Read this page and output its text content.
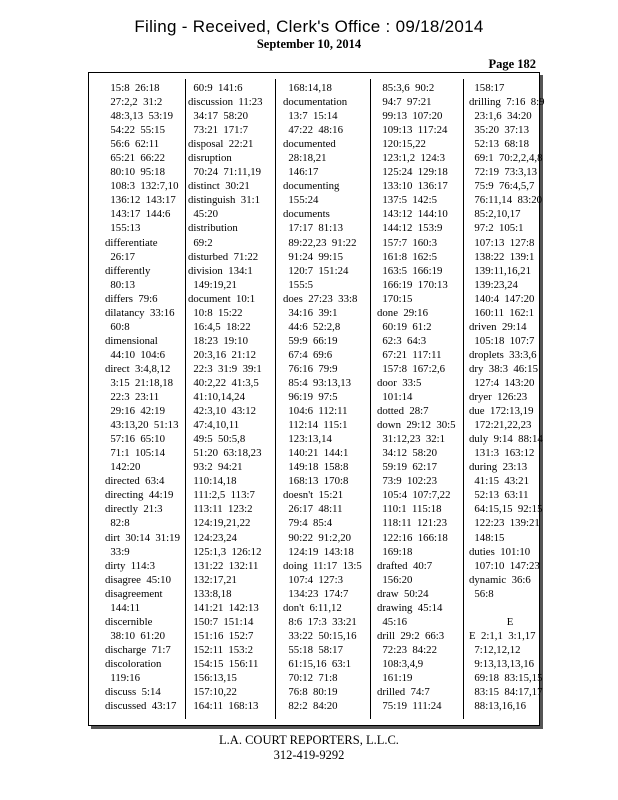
Filing - Received, Clerk's Office : 09/18/2014
September 10, 2014
Page 182
15:8  26:18
27:2,2  31:2
48:3,13  53:19
54:22  55:15
56:6  62:11
65:21  66:22
80:10  95:18
108:3  132:7,10
136:12  143:17
143:17  144:6
155:13
differentiate
26:17
differently
80:13
differs  79:6
dilatancy  33:16
60:8
dimensional
44:10  104:6
direct  3:4,8,12
3:15  21:18,18
22:3  23:11
29:16  42:19
43:13,20  51:13
57:16  65:10
71:1  105:14
142:20
directed  63:4
directing  44:19
directly  21:3
82:8
dirt  30:14  31:19
33:9
dirty  114:3
disagree  45:10
disagreement
144:11
discernible
38:10  61:20
discharge  71:7
discoloration
119:16
discuss  5:14
discussed  43:17
60:9  141:6
discussion  11:23
34:17  58:20
73:21  171:7
disposal  22:21
disruption
70:24  71:11,19
distinct  30:21
distinguish  31:1
45:20
distribution
69:2
disturbed  71:22
division  134:1
149:19,21
document  10:1
10:8  15:22
16:4,5  18:22
18:23  19:10
20:3,16  21:12
22:3  31:9  39:1
40:2,22  41:3,5
41:10,14,24
42:3,10  43:12
47:4,10,11
49:5  50:5,8
51:20  63:18,23
93:2  94:21
110:14,18
111:2,5  113:7
113:11  123:2
124:19,21,22
124:23,24
125:1,3  126:12
131:22  132:11
132:17,21
133:8,18
141:21  142:13
150:7  151:14
151:16  152:7
152:11  153:2
154:15  156:11
156:13,15
157:10,22
164:11  168:13
168:14,18
documentation
13:7  15:14
47:22  48:16
documented
28:18,21
146:17
documenting
155:24
documents
17:17  81:13
89:22,23  91:22
91:24  99:15
120:7  151:24
155:5
does  27:23  33:8
34:16  39:1
44:6  52:2,8
59:9  66:19
67:4  69:6
76:16  79:9
85:4  93:13,13
96:19  97:5
104:6  112:11
112:14  115:1
123:13,14
140:21  144:1
149:18  158:8
168:13  170:8
doesn't  15:21
26:17  48:11
79:4  85:4
90:22  91:2,20
124:19  143:18
doing  11:17  13:5
107:4  127:3
134:23  174:7
don't  6:11,12
8:6  17:3  33:21
33:22  50:15,16
55:18  58:17
61:15,16  63:1
70:12  71:8
76:8  80:19
82:2  84:20
85:3,6  90:2
94:7  97:21
99:13  107:20
109:13  117:24
120:15,22
123:1,2  124:3
125:24  129:18
133:10  136:17
137:5  142:5
143:12  144:10
144:12  153:9
157:7  160:3
161:8  162:5
163:5  166:19
166:19  170:13
170:15
done  29:16
60:19  61:2
62:3  64:3
67:21  117:11
157:8  167:2,6
door  33:5
101:14
dotted  28:7
down  29:12  30:5
31:12,23  32:1
34:12  58:20
59:19  62:17
73:9  102:23
105:4  107:7,22
110:1  115:18
118:11  121:23
122:16  166:18
169:18
drafted  40:7
156:20
draw  50:24
drawing  45:14
45:16
drill  29:2  66:3
72:23  84:22
108:3,4,9
161:19
drilled  74:7
75:19  111:24
158:17
drilling  7:16  8:9
23:1,6  34:20
35:20  37:13
52:13  68:18
69:1  70:2,2,4,8
72:19  73:3,13
75:9  76:4,5,7
76:11,14  83:20
85:2,10,17
97:2  105:1
107:13  127:8
138:22  139:1
139:11,16,21
139:23,24
140:4  147:20
160:11  162:1
driven  29:14
105:18  107:7
droplets  33:3,6
dry  38:3  46:15
127:4  143:20
dryer  126:23
due  172:13,19
172:21,22,23
duly  9:14  88:14
131:3  163:12
during  23:13
41:15  43:21
52:13  63:11
64:15,15  92:15
122:23  139:21
148:15
duties  101:10
107:10  147:23
dynamic  36:6
56:8
E
E  2:1,1  3:1,17
7:12,12,12
9:13,13,13,16
69:18  83:15,15
83:15  84:17,17
88:13,16,16
L.A. COURT REPORTERS, L.L.C.
312-419-9292
